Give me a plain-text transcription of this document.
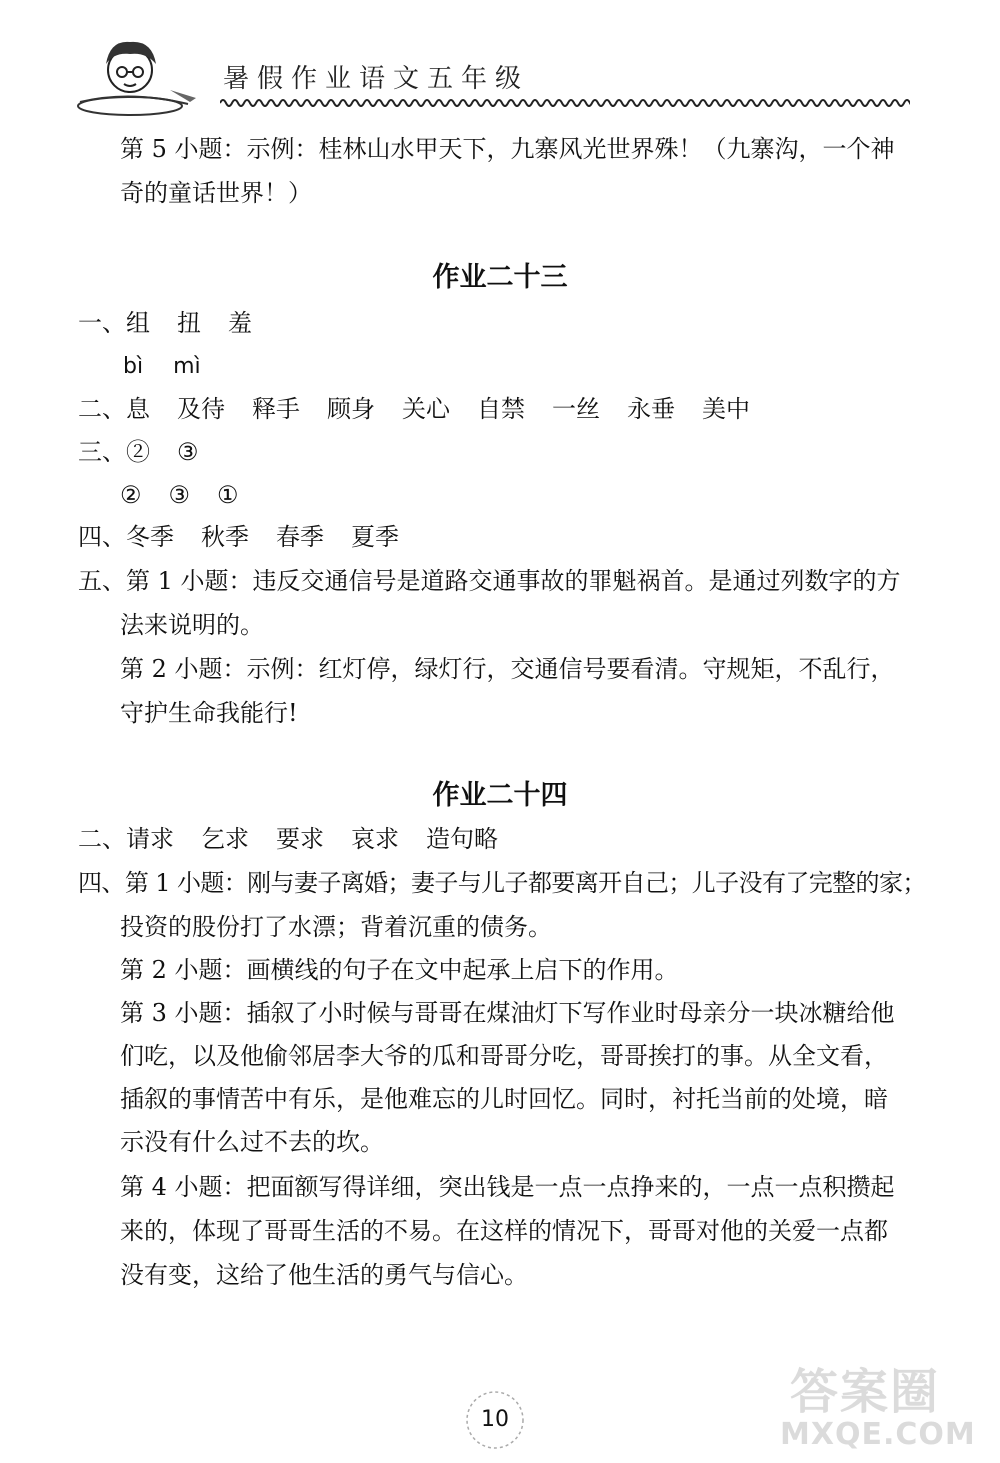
暑假作业语文五年级
第 5 小题：示例：桂林山水甲天下，九寨风光世界殊！（九寨沟，一个神
奇的童话世界！）
作业二十三
一、组 扭 羞
bì mì
二、息 及待 释手 顾身 关心 自禁 一丝 永垂 美中
三、② ③
② ③ ①
四、冬季 秋季 春季 夏季
五、第 1 小题：违反交通信号是道路交通事故的罪魁祸首。是通过列数字的方
法来说明的。
第 2 小题：示例：红灯停，绿灯行，交通信号要看清。守规矩，不乱行，
守护生命我能行!
作业二十四
二、请求 乞求 要求 哀求 造句略
四、第 1 小题：刚与妻子离婚；妻子与儿子都要离开自己；儿子没有了完整的家；
投资的股份打了水漂；背着沉重的债务。
第 2 小题：画横线的句子在文中起承上启下的作用。
第 3 小题：插叙了小时候与哥哥在煤油灯下写作业时母亲分一块冰糖给他
们吃，以及他偷邻居李大爷的瓜和哥哥分吃，哥哥挨打的事。从全文看，
插叙的事情苦中有乐，是他难忘的儿时回忆。同时，衬托当前的处境，暗
示没有什么过不去的坎。
第 4 小题：把面额写得详细，突出钱是一点一点挣来的，一点一点积攒起
来的，体现了哥哥生活的不易。在这样的情况下，哥哥对他的关爱一点都
没有变，这给了他生活的勇气与信心。
10	答案圈
MXQE.COM
